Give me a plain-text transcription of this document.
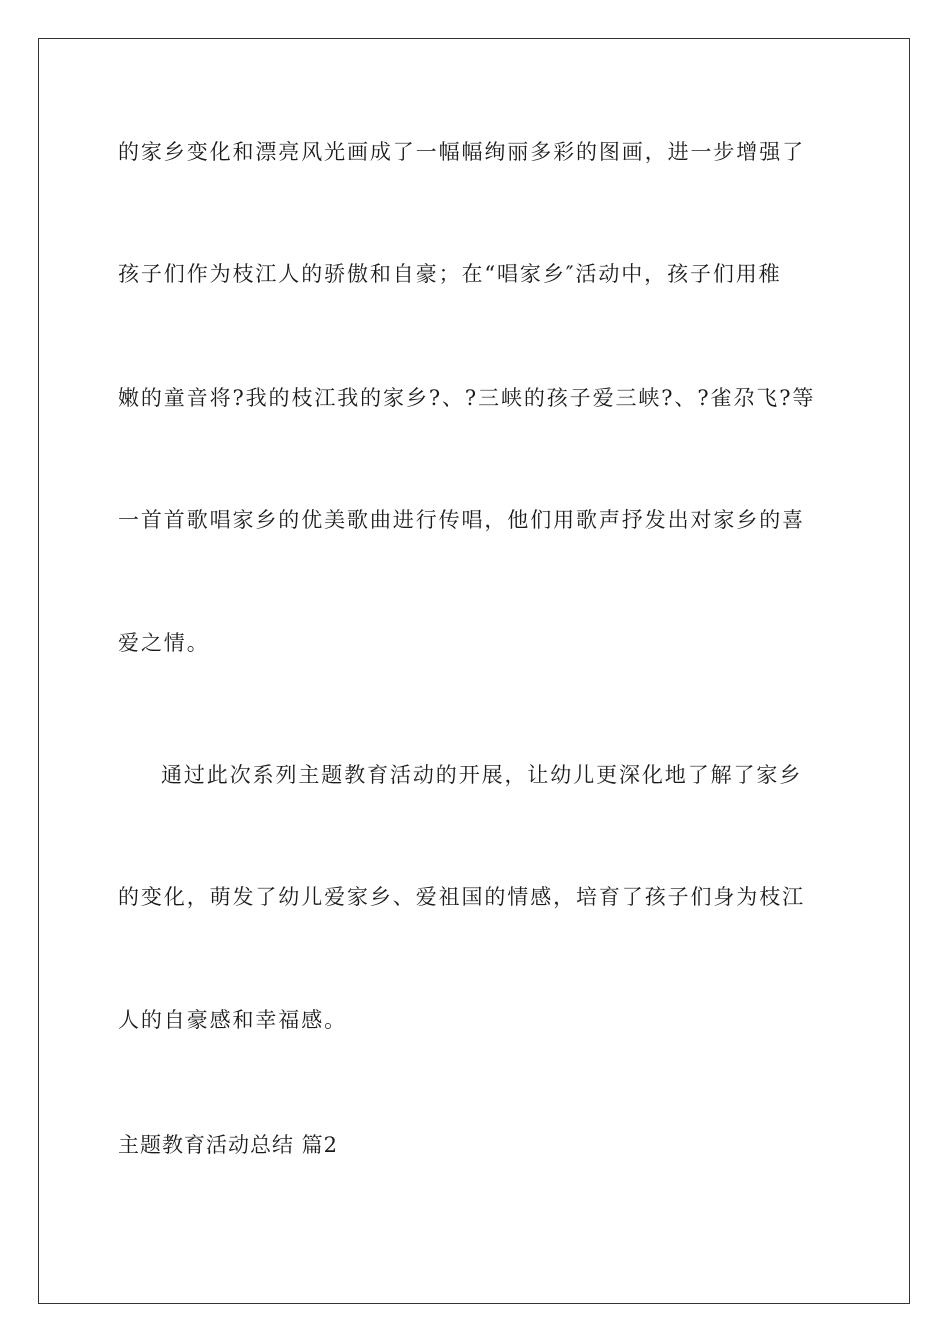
的家乡变化和漂亮风光画成了一幅幅绚丽多彩的图画，进一步增强了
孩子们作为枝江人的骄傲和自豪；在“唱家乡″活动中，孩子们用稚
嫩的童音将?我的枝江我的家乡?、?三峡的孩子爱三峡?、?雀尕飞?等
一首首歌唱家乡的优美歌曲进行传唱，他们用歌声抒发出对家乡的喜
爱之情。
通过此次系列主题教育活动的开展，让幼儿更深化地了解了家乡
的变化，萌发了幼儿爱家乡、爱祖国的情感，培育了孩子们身为枝江
人的自豪感和幸福感。
主题教育活动总结 篇2
